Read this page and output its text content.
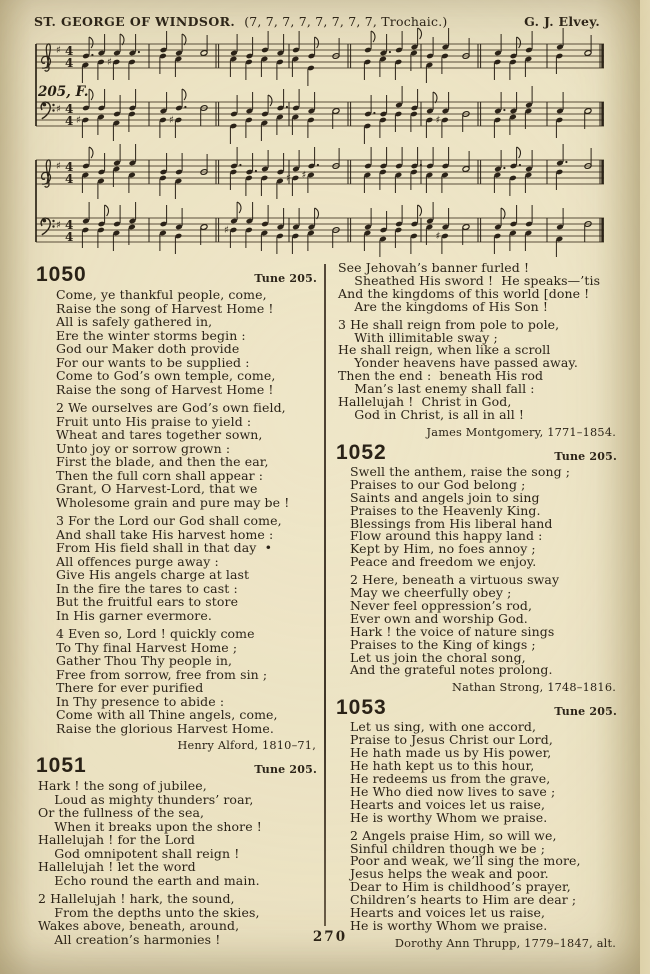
ST. GEORGE OF WINDSOR. (7, 7, 7, 7, 7, 7, 7, 7, Trochaic.)	G. J. Elvey.
205, F.
♯ 4
4
♯ 4
4 ♯
♯
♯	♯
♯ 4
4
♯ 4
4	♯
♯ ♯
♯
1050	Tune 205.
Come, ye thankful people, come,
Raise the song of Harvest Home !
All is safely gathered in,
Ere the winter storms begin :
God our Maker doth provide
For our wants to be supplied :
Come to God’s own temple, come,
Raise the song of Harvest Home !
2 We ourselves are God’s own field,
Fruit unto His praise to yield :
Wheat and tares together sown,
Unto joy or sorrow grown :
First the blade, and then the ear,
Then the full corn shall appear :
Grant, O Harvest-Lord, that we
Wholesome grain and pure may be !
3 For the Lord our God shall come,
And shall take His harvest home :
From His field shall in that day  •
All offences purge away :
Give His angels charge at last
In the fire the tares to cast :
But the fruitful ears to store
In His garner evermore.
4 Even so, Lord ! quickly come
To Thy final Harvest Home ;
Gather Thou Thy people in,
Free from sorrow, free from sin ;
There for ever purified
In Thy presence to abide :
Come with all Thine angels, come,
Raise the glorious Harvest Home.
Henry Alford, 1810–71,
1051	Tune 205.
Hark ! the song of jubilee,
Loud as mighty thunders’ roar,
Or the fullness of the sea,
When it breaks upon the shore !
Hallelujah ! for the Lord
God omnipotent shall reign !
Hallelujah ! let the word
Echo round the earth and main.
2 Hallelujah ! hark, the sound,
From the depths unto the skies,
Wakes above, beneath, around,
All creation’s harmonies !
See Jehovah’s banner furled !
Sheathed His sword !  He speaks—’tis
And the kingdoms of this world [done !
Are the kingdoms of His Son !
3 He shall reign from pole to pole,
With illimitable sway ;
He shall reign, when like a scroll
Yonder heavens have passed away.
Then the end :  beneath His rod
Man’s last enemy shall fall :
Hallelujah !  Christ in God,
God in Christ, is all in all !
James Montgomery, 1771–1854.
1052	Tune 205.
Swell the anthem, raise the song ;
Praises to our God belong ;
Saints and angels join to sing
Praises to the Heavenly King.
Blessings from His liberal hand
Flow around this happy land :
Kept by Him, no foes annoy ;
Peace and freedom we enjoy.
2 Here, beneath a virtuous sway
May we cheerfully obey ;
Never feel oppression’s rod,
Ever own and worship God.
Hark ! the voice of nature sings
Praises to the King of kings ;
Let us join the choral song,
And the grateful notes prolong.
Nathan Strong, 1748–1816.
1053	Tune 205.
Let us sing, with one accord,
Praise to Jesus Christ our Lord,
He hath made us by His power,
He hath kept us to this hour,
He redeems us from the grave,
He Who died now lives to save ;
Hearts and voices let us raise,
He is worthy Whom we praise.
2 Angels praise Him, so will we,
Sinful children though we be ;
Poor and weak, we’ll sing the more,
Jesus helps the weak and poor.
Dear to Him is childhood’s prayer,
Children’s hearts to Him are dear ;
Hearts and voices let us raise,
He is worthy Whom we praise.
Dorothy Ann Thrupp, 1779–1847, alt.
270
